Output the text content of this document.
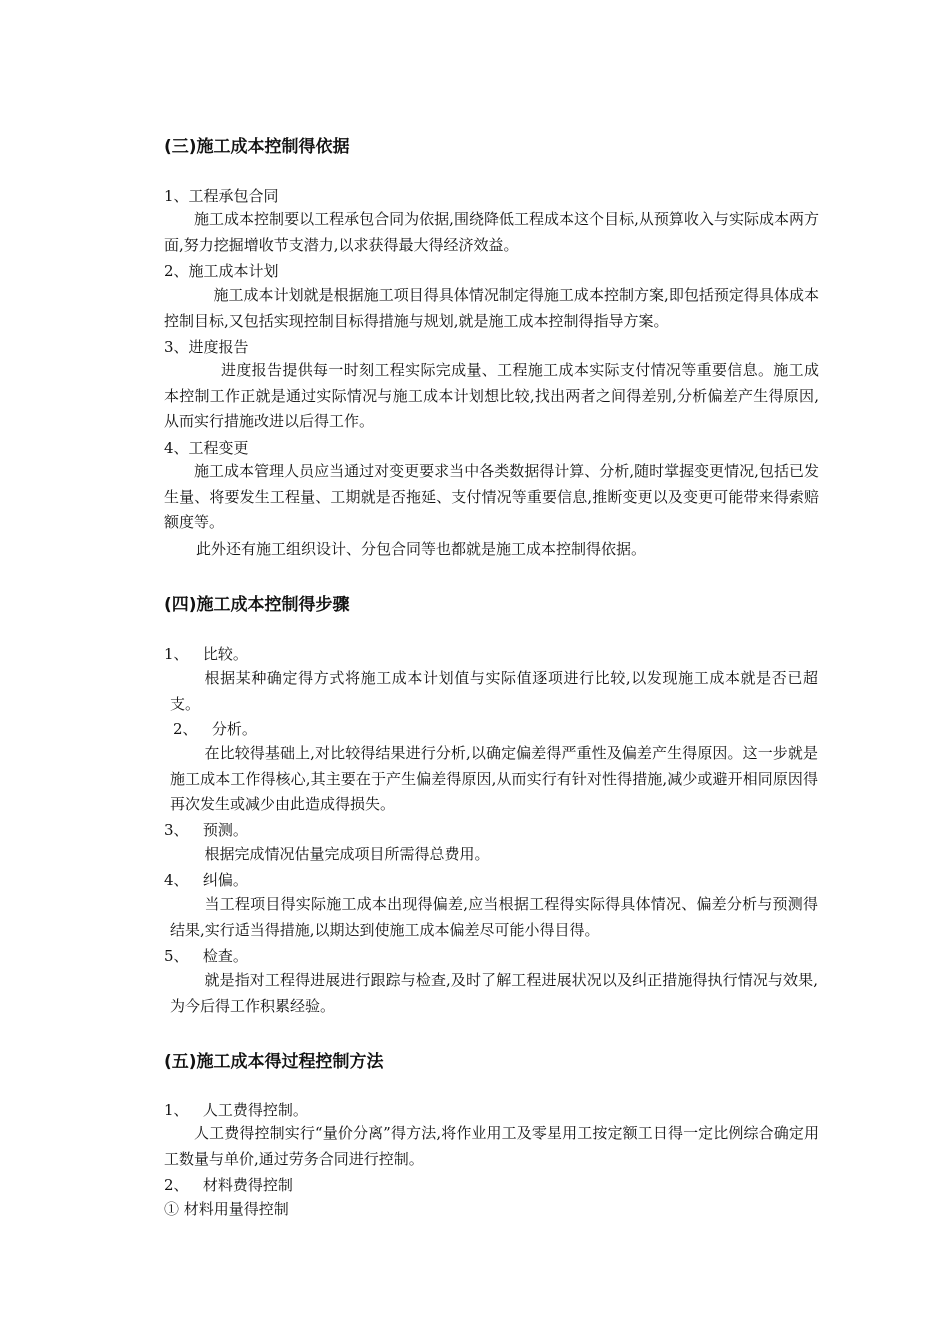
(三)施工成本控制得依据

1、工程承包合同

施工成本控制要以工程承包合同为依据,围绕降低工程成本这个目标,从预算收入与实际成本两方面,努力挖掘增收节支潜力,以求获得最大得经济效益。

2、施工成本计划

施工成本计划就是根据施工项目得具体情况制定得施工成本控制方案,即包括预定得具体成本控制目标,又包括实现控制目标得措施与规划,就是施工成本控制得指导方案。

3、进度报告

进度报告提供每一时刻工程实际完成量、工程施工成本实际支付情况等重要信息。施工成本控制工作正就是通过实际情况与施工成本计划想比较,找出两者之间得差别,分析偏差产生得原因,从而实行措施改进以后得工作。

4、工程变更

施工成本管理人员应当通过对变更要求当中各类数据得计算、分析,随时掌握变更情况,包括已发生量、将要发生工程量、工期就是否拖延、支付情况等重要信息,推断变更以及变更可能带来得索赔额度等。

此外还有施工组织设计、分包合同等也都就是施工成本控制得依据。

(四)施工成本控制得步骤

1、   比较。

根据某种确定得方式将施工成本计划值与实际值逐项进行比较,以发现施工成本就是否已超支。

2、   分析。

在比较得基础上,对比较得结果进行分析,以确定偏差得严重性及偏差产生得原因。这一步就是施工成本工作得核心,其主要在于产生偏差得原因,从而实行有针对性得措施,减少或避开相同原因得再次发生或减少由此造成得损失。

3、   预测。

根据完成情况估量完成项目所需得总费用。

4、   纠偏。

当工程项目得实际施工成本出现得偏差,应当根据工程得实际得具体情况、偏差分析与预测得结果,实行适当得措施,以期达到使施工成本偏差尽可能小得目得。

5、   检查。

就是指对工程得进展进行跟踪与检查,及时了解工程进展状况以及纠正措施得执行情况与效果,为今后得工作积累经验。

(五)施工成本得过程控制方法

1、   人工费得控制。

人工费得控制实行“量价分离”得方法,将作业用工及零星用工按定额工日得一定比例综合确定用工数量与单价,通过劳务合同进行控制。

2、   材料费得控制

① 材料用量得控制
